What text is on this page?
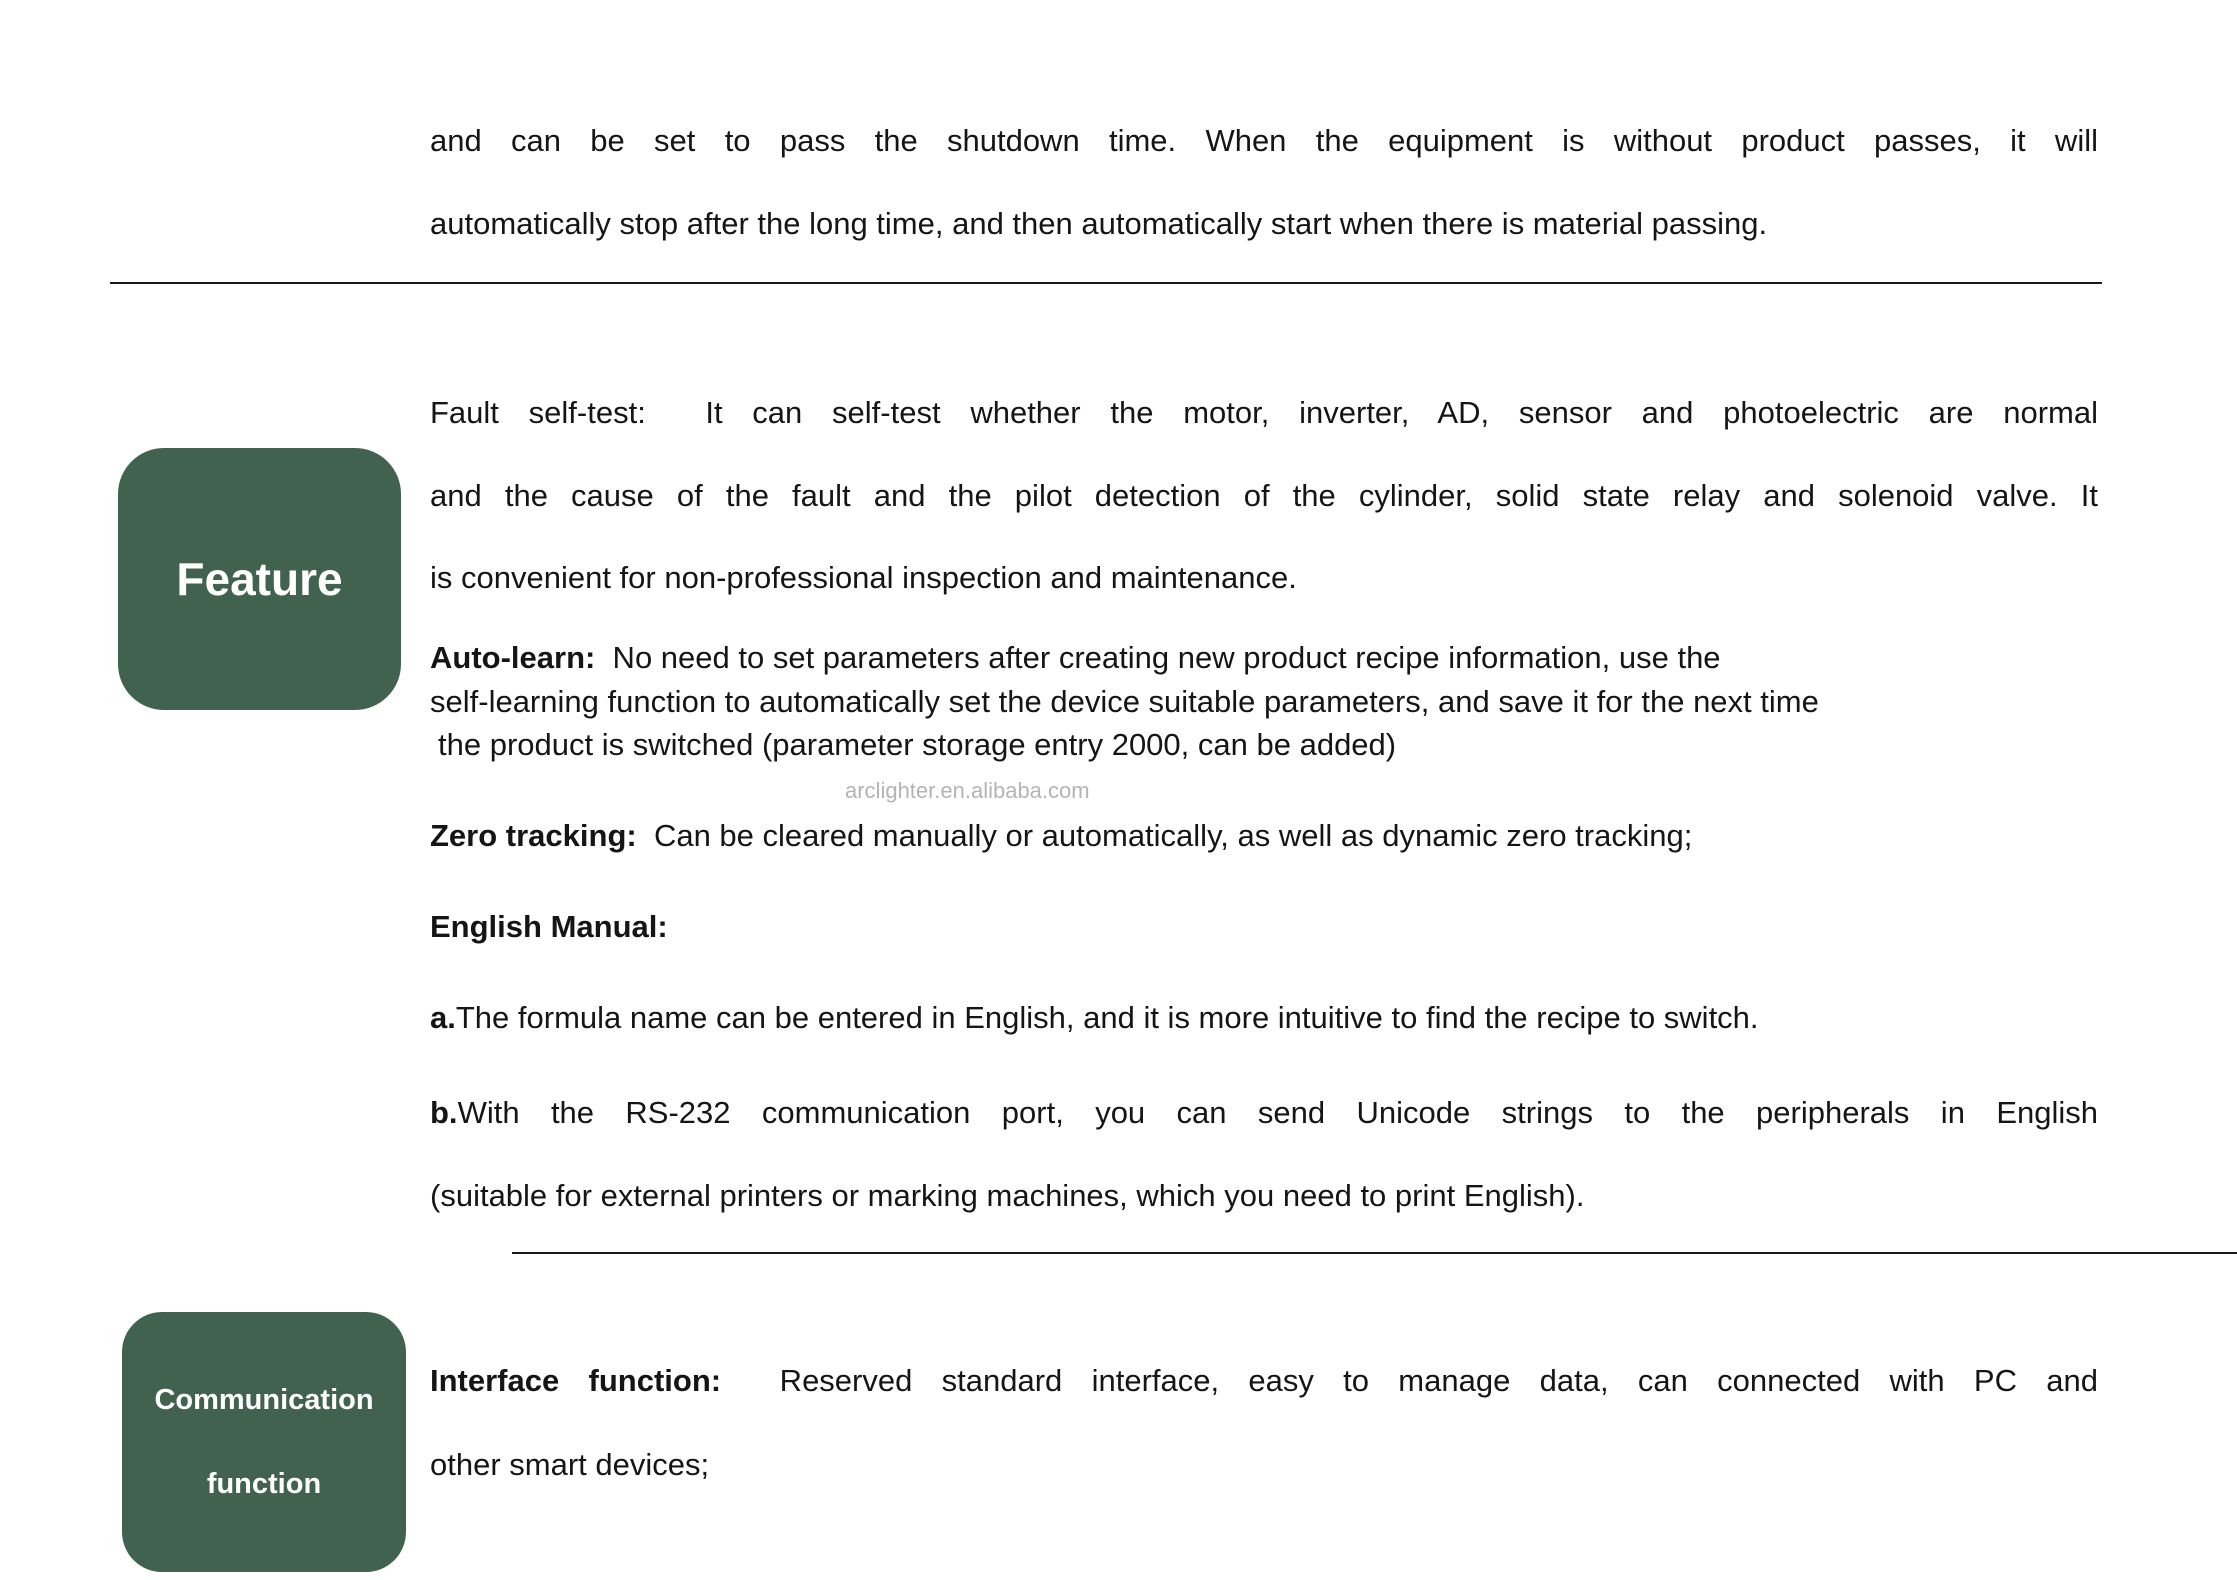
and can be set to pass the shutdown time. When the equipment is without product passes, it will
automatically stop after the long time, and then automatically start when there is material passing.
Feature
Fault self-test:  It can self-test whether the motor, inverter, AD, sensor and photoelectric are normal
and the cause of the fault and the pilot detection of the cylinder, solid state relay and solenoid valve. It
is convenient for non-professional inspection and maintenance.
Auto-learn:  No need to set parameters after creating new product recipe information, use the
self-learning function to automatically set the device suitable parameters, and save it for the next time
the product is switched (parameter storage entry 2000, can be added)
arclighter.en.alibaba.com
Zero tracking:  Can be cleared manually or automatically, as well as dynamic zero tracking;
English Manual:
a.The formula name can be entered in English, and it is more intuitive to find the recipe to switch.
b.With the RS-232 communication port, you can send Unicode strings to the peripherals in English
(suitable for external printers or marking machines, which you need to print English).
Communication
function
Interface function:  Reserved standard interface, easy to manage data, can connected with PC and
other smart devices;
